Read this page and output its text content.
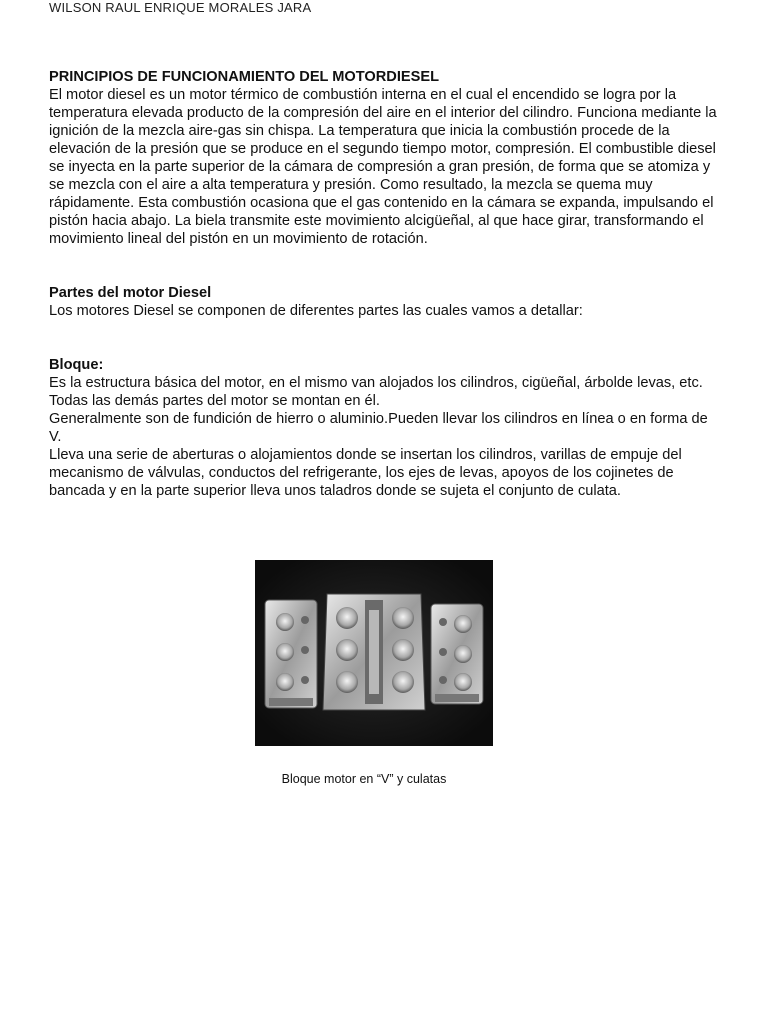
WILSON RAUL ENRIQUE MORALES JARA
PRINCIPIOS DE FUNCIONAMIENTO DEL MOTORDIESEL

El motor diesel es un motor térmico de combustión interna en el cual el encendido se logra por la temperatura elevada producto de la compresión del aire en el interior del cilindro. Funciona mediante la ignición de la mezcla aire-gas sin chispa. La temperatura que inicia la combustión procede de la elevación de la presión que se produce en el segundo tiempo motor, compresión. El combustible diesel se inyecta en la parte superior de la cámara de compresión a gran presión, de forma que se atomiza y se mezcla con el aire a alta temperatura y presión. Como resultado, la mezcla se quema muy rápidamente. Esta combustión ocasiona que el gas contenido en la cámara se expanda, impulsando el pistón hacia abajo. La biela transmite este movimiento alcigüeñal, al que hace girar, transformando el movimiento lineal del pistón en un movimiento de rotación.

Partes del motor Diesel

Los motores Diesel se componen de diferentes partes las cuales vamos a detallar:

Bloque:

Es la estructura básica del motor, en el mismo van alojados los cilindros, cigüeñal, árbolde levas, etc. Todas las demás partes del motor se montan en él.

Generalmente son de fundición de hierro o aluminio.Pueden llevar los cilindros en línea o en forma de V.

Lleva una serie de aberturas o alojamientos donde se insertan los cilindros, varillas de empuje del mecanismo de válvulas, conductos del refrigerante, los ejes de levas, apoyos de los cojinetes de bancada y en la parte superior lleva unos taladros donde se sujeta el conjunto de culata.

Bloque motor en “V” y culatas
